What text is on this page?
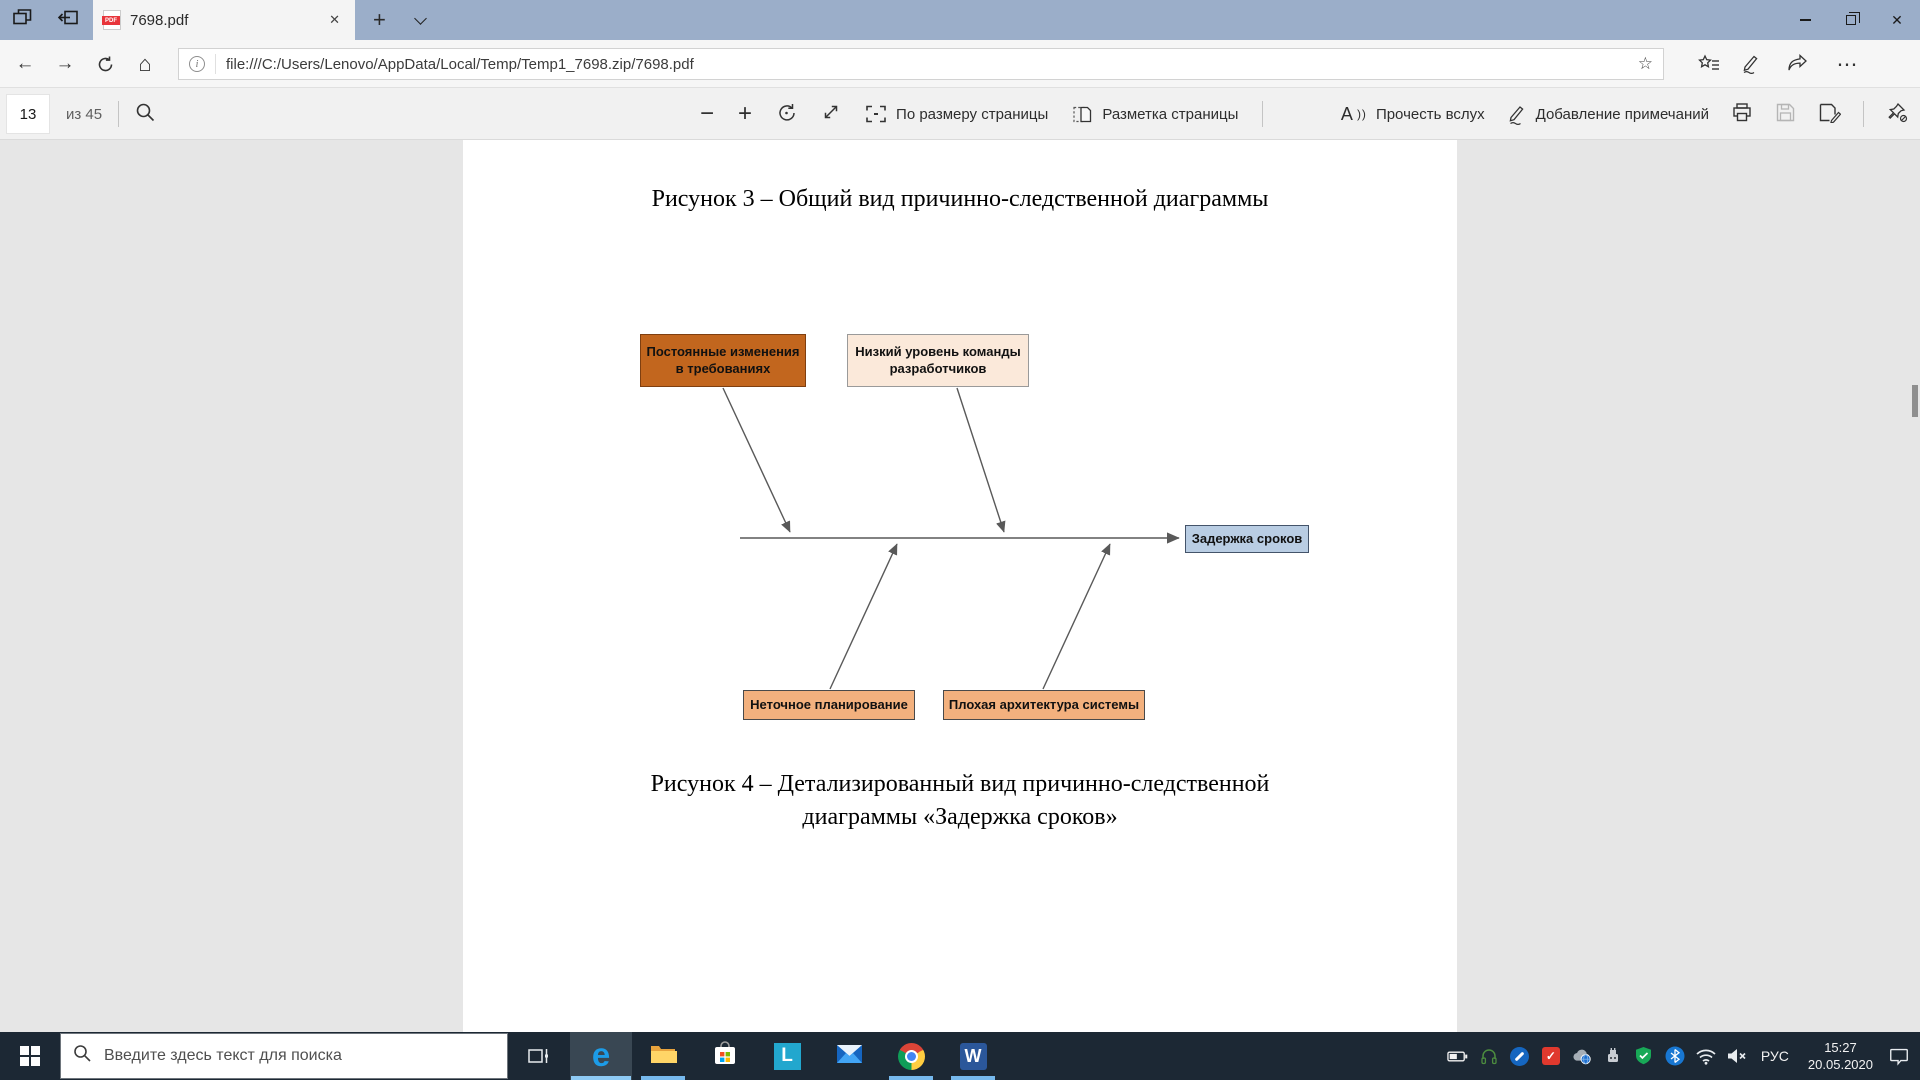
PDF 7698.pdf	✕ +	✕
←	→	⌂	i
file:///C:/Users/Lenovo/AppData/Local/Temp/Temp1_7698.zip/7698.pdf	☆	⋯
13
из 45	− +	По размеру страницы	Разметка страницы	A )) Прочесть вслух	Добавление примечаний
Рисунок 3 – Общий вид причинно-следственной диаграммы
Постоянные изменения в требованиях
Низкий уровень команды разработчиков
Неточное планирование	Плохая архитектура системы
Задержка сроков
Рисунок 4 – Детализированный вид причинно-следственной
диаграммы «Задержка сроков»
Введите здесь текст для поиска
e	L	W	✓	РУС
15:27
20.05.2020
